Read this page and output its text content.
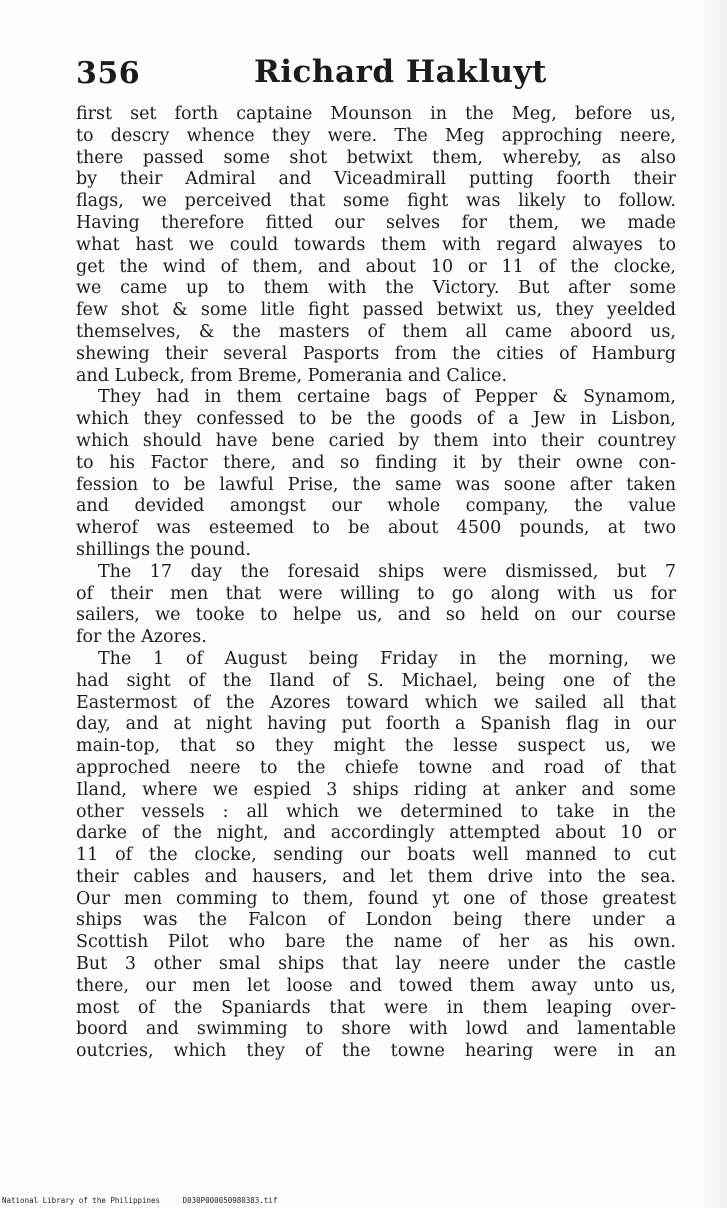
356	Richard Hakluyt
first set forth captaine Mounson in the Meg, before us,
to descry whence they were. The Meg approching neere,
there passed some shot betwixt them, whereby, as also
by their Admiral and Viceadmirall putting foorth their
flags, we perceived that some fight was likely to follow.
Having therefore fitted our selves for them, we made
what hast we could towards them with regard alwayes to
get the wind of them, and about 10 or 11 of the clocke,
we came up to them with the Victory. But after some
few shot & some litle fight passed betwixt us, they yeelded
themselves, & the masters of them all came aboord us,
shewing their several Pasports from the cities of Hamburg
and Lubeck, from Breme, Pomerania and Calice.
They had in them certaine bags of Pepper & Synamom,
which they confessed to be the goods of a Jew in Lisbon,
which should have bene caried by them into their countrey
to his Factor there, and so finding it by their owne con-
fession to be lawful Prise, the same was soone after taken
and devided amongst our whole company, the value
wherof was esteemed to be about 4500 pounds, at two
shillings the pound.
The 17 day the foresaid ships were dismissed, but 7
of their men that were willing to go along with us for
sailers, we tooke to helpe us, and so held on our course
for the Azores.
The 1 of August being Friday in the morning, we
had sight of the Iland of S. Michael, being one of the
Eastermost of the Azores toward which we sailed all that
day, and at night having put foorth a Spanish flag in our
main-top, that so they might the lesse suspect us, we
approched neere to the chiefe towne and road of that
Iland, where we espied 3 ships riding at anker and some
other vessels : all which we determined to take in the
darke of the night, and accordingly attempted about 10 or
11 of the clocke, sending our boats well manned to cut
their cables and hausers, and let them drive into the sea.
Our men comming to them, found yt one of those greatest
ships was the Falcon of London being there under a
Scottish Pilot who bare the name of her as his own.
But 3 other smal ships that lay neere under the castle
there, our men let loose and towed them away unto us,
most of the Spaniards that were in them leaping over-
boord and swimming to shore with lowd and lamentable
outcries, which they of the towne hearing were in an
National Library of the Philippines	D030P000050980383.tif
